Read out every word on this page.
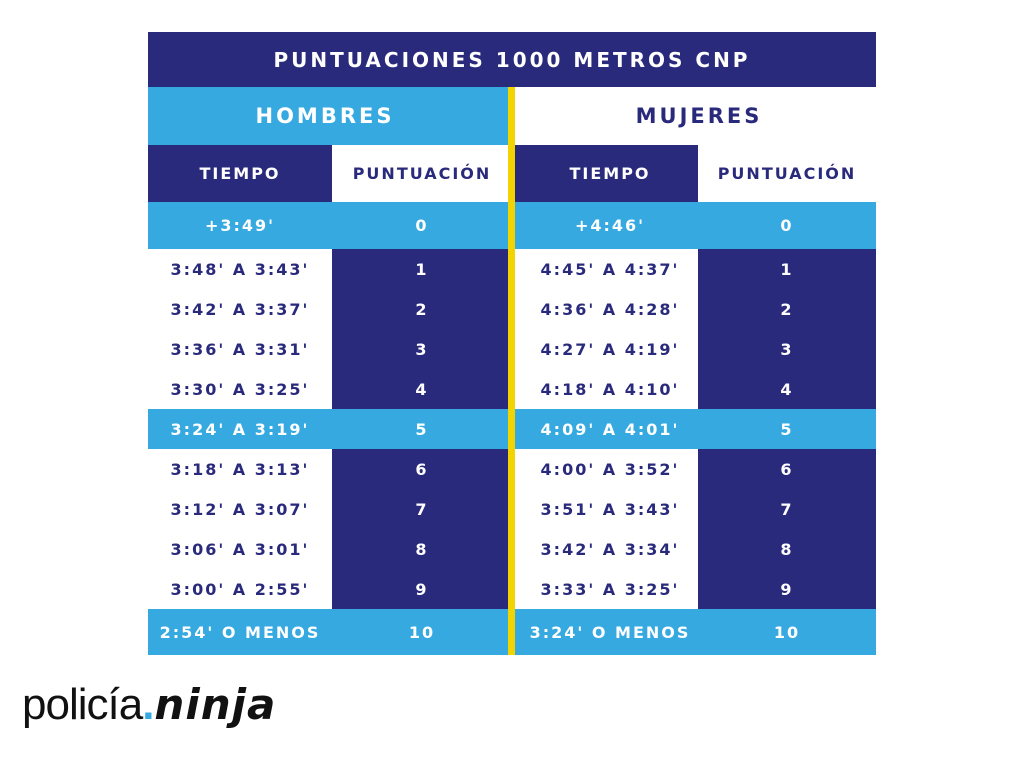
PUNTUACIONES 1000 METROS CNP
HOMBRES
TIEMPO	PUNTUACIÓN
+3:49'	0
3:48' A 3:43'	1
3:42' A 3:37'	2
3:36' A 3:31'	3
3:30' A 3:25'	4
3:24' A 3:19'	5
3:18' A 3:13'	6
3:12' A 3:07'	7
3:06' A 3:01'	8
3:00' A 2:55'	9
2:54' O MENOS	10
MUJERES
TIEMPO	PUNTUACIÓN
+4:46'	0
4:45' A 4:37'	1
4:36' A 4:28'	2
4:27' A 4:19'	3
4:18' A 4:10'	4
4:09' A 4:01'	5
4:00' A 3:52'	6
3:51' A 3:43'	7
3:42' A 3:34'	8
3:33' A 3:25'	9
3:24' O MENOS	10
policía . ninja
